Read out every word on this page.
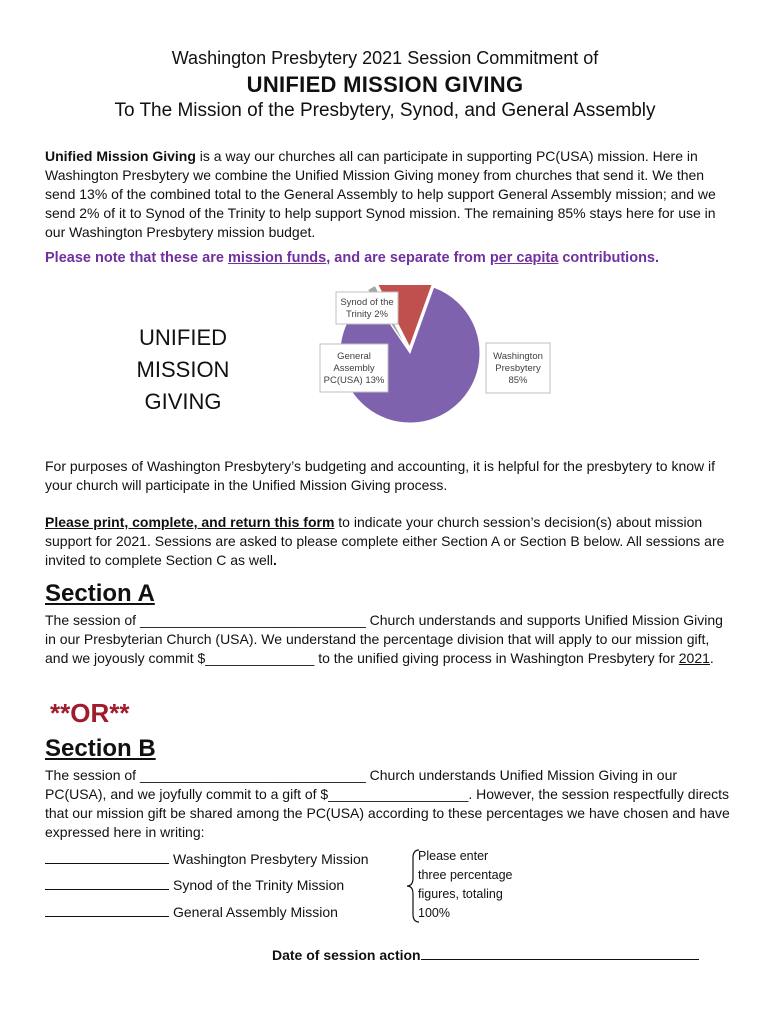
Washington Presbytery 2021 Session Commitment of
UNIFIED MISSION GIVING
To The Mission of the Presbytery, Synod, and General Assembly
Unified Mission Giving is a way our churches all can participate in supporting PC(USA) mission. Here in Washington Presbytery we combine the Unified Mission Giving money from churches that send it. We then send 13% of the combined total to the General Assembly to help support General Assembly mission; and we send 2% of it to Synod of the Trinity to help support Synod mission. The remaining 85% stays here for use in our Washington Presbytery mission budget.
Please note that these are mission funds, and are separate from per capita contributions.
UNIFIED
MISSION
GIVING
Washington
Presbytery
85%
Synod of the
Trinity 2%
General
Assembly
PC(USA) 13%
For purposes of Washington Presbytery’s budgeting and accounting, it is helpful for the presbytery to know if your church will participate in the Unified Mission Giving process.
Please print, complete, and return this form to indicate your church session’s decision(s) about mission support for 2021. Sessions are asked to please complete either Section A or Section B below. All sessions are invited to complete Section C as well.
Section A
The session of _____________________________ Church understands and supports Unified Mission Giving in our Presbyterian Church (USA). We understand the percentage division that will apply to our mission gift, and we joyously commit $______________ to the unified giving process in Washington Presbytery for 2021.
**OR**
Section B
The session of _____________________________ Church understands Unified Mission Giving in our PC(USA), and we joyfully commit to a gift of $__________________. However, the session respectfully directs that our mission gift be shared among the PC(USA) according to these percentages we have chosen and have expressed here in writing:
Washington Presbytery Mission
Synod of the Trinity Mission
General Assembly Mission
Please enter
three percentage
figures, totaling
100%
Date of session action
